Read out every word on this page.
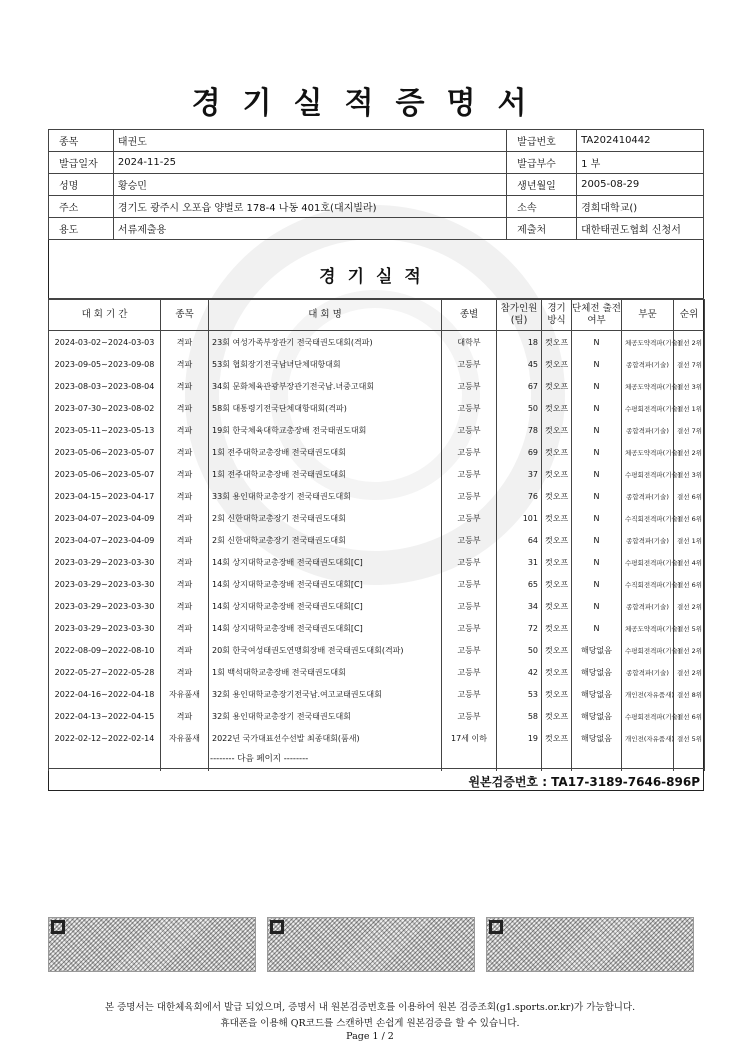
경기실적증명서
종목	태권도	발급번호	TA202410442
발급일자	2024-11-25	발급부수	1 부
성명	황승민	생년월일	2005-08-29
주소	경기도 광주시 오포읍 양벌로 178-4 나동 401호(대지빌라)	소속	경희대학교()
용도	서류제출용	제출처	대한태권도협회 신청서
경기실적
대 회 기 간	종목	대 회 명	종별	참가인원 (팀)	경기 방식	단체전 출전여부	부문	순위
2024-03-02~2024-03-03	격파	23회 여성가족부장관기 전국태권도대회(격파)	대학부	18	컷오프	N	체공도약격파(기술)	결선 2위
2023-09-05~2023-09-08	격파	53회 협회장기전국남녀단체대항대회	고등부	45	컷오프	N	종합격파(기술)	결선 7위
2023-08-03~2023-08-04	격파	34회 문화체육관광부장관기전국남.녀중고대회	고등부	67	컷오프	N	체공도약격파(기술)	결선 3위
2023-07-30~2023-08-02	격파	58회 대통령기전국단체대항대회(격파)	고등부	50	컷오프	N	수평회전격파(기술)	결선 1위
2023-05-11~2023-05-13	격파	19회 한국체육대학교총장배 전국태권도대회	고등부	78	컷오프	N	종합격파(기술)	결선 7위
2023-05-06~2023-05-07	격파	1회 전주대학교총장배 전국태권도대회	고등부	69	컷오프	N	체공도약격파(기술)	결선 2위
2023-05-06~2023-05-07	격파	1회 전주대학교총장배 전국태권도대회	고등부	37	컷오프	N	수평회전격파(기술)	결선 3위
2023-04-15~2023-04-17	격파	33회 용인대학교총장기 전국태권도대회	고등부	76	컷오프	N	종합격파(기술)	결선 6위
2023-04-07~2023-04-09	격파	2회 신한대학교총장기 전국태권도대회	고등부	101	컷오프	N	수직회전격파(기술)	결선 6위
2023-04-07~2023-04-09	격파	2회 신한대학교총장기 전국태권도대회	고등부	64	컷오프	N	종합격파(기술)	결선 1위
2023-03-29~2023-03-30	격파	14회 상지대학교총장배 전국태권도대회[C]	고등부	31	컷오프	N	수평회전격파(기술)	결선 4위
2023-03-29~2023-03-30	격파	14회 상지대학교총장배 전국태권도대회[C]	고등부	65	컷오프	N	수직회전격파(기술)	결선 6위
2023-03-29~2023-03-30	격파	14회 상지대학교총장배 전국태권도대회[C]	고등부	34	컷오프	N	종합격파(기술)	결선 2위
2023-03-29~2023-03-30	격파	14회 상지대학교총장배 전국태권도대회[C]	고등부	72	컷오프	N	체공도약격파(기술)	결선 5위
2022-08-09~2022-08-10	격파	20회 한국여성태권도연맹회장배 전국태권도대회(격파)	고등부	50	컷오프	해당없음	수평회전격파(기술)	결선 2위
2022-05-27~2022-05-28	격파	1회 백석대학교총장배 전국태권도대회	고등부	42	컷오프	해당없음	종합격파(기술)	결선 2위
2022-04-16~2022-04-18	자유품새	32회 용인대학교총장기전국남.여고교태권도대회	고등부	53	컷오프	해당없음	개인전(자유품새)	결선 8위
2022-04-13~2022-04-15	격파	32회 용인대학교총장기 전국태권도대회	고등부	58	컷오프	해당없음	수평회전격파(기술)	결선 6위
2022-02-12~2022-02-14	자유품새	2022년 국가대표선수선발 최종대회(품새)	17세 이하	19	컷오프	해당없음	개인전(자유품새)	결선 5위

-------- 다음 페이지 --------
원본검증번호 : TA17-3189-7646-896P
본 증명서는 대한체육회에서 발급 되었으며, 증명서 내 원본검증번호를 이용하여 원본 검증조회(g1.sports.or.kr)가 가능합니다.
휴대폰을 이용해 QR코드를 스캔하면 손쉽게 원본검증을 할 수 있습니다.
Page 1 / 2
